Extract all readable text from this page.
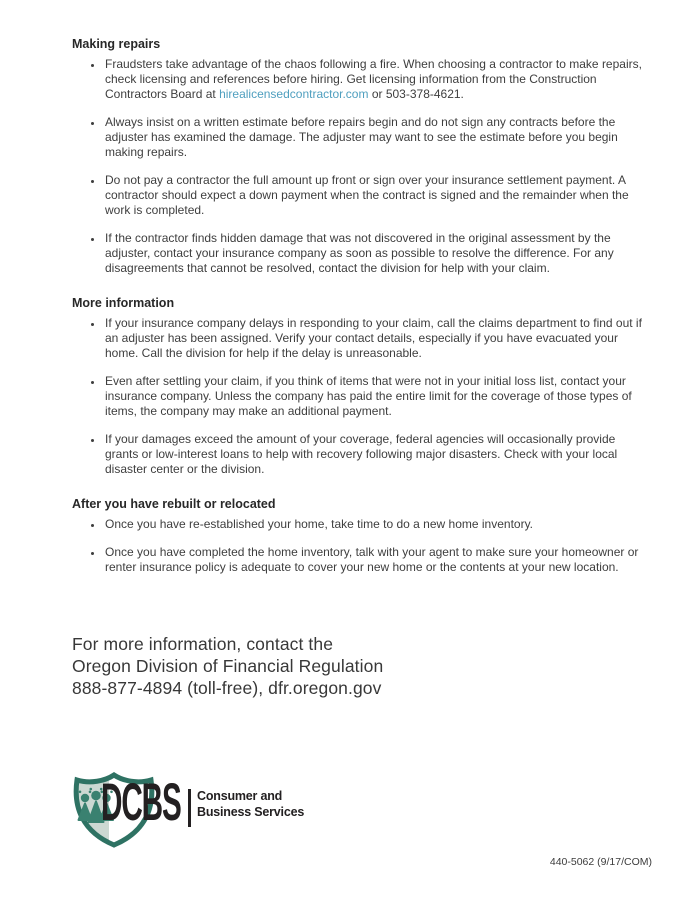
Making repairs
• Fraudsters take advantage of the chaos following a fire. When choosing a contractor to make repairs, check licensing and references before hiring. Get licensing information from the Construction Contractors Board at hirealicensedcontractor.com or 503-378-4621.
• Always insist on a written estimate before repairs begin and do not sign any contracts before the adjuster has examined the damage. The adjuster may want to see the estimate before you begin making repairs.
• Do not pay a contractor the full amount up front or sign over your insurance settlement payment. A contractor should expect a down payment when the contract is signed and the remainder when the work is completed.
• If the contractor finds hidden damage that was not discovered in the original assessment by the adjuster, contact your insurance company as soon as possible to resolve the difference. For any disagreements that cannot be resolved, contact the division for help with your claim.
More information
• If your insurance company delays in responding to your claim, call the claims department to find out if an adjuster has been assigned. Verify your contact details, especially if you have evacuated your home. Call the division for help if the delay is unreasonable.
• Even after settling your claim, if you think of items that were not in your initial loss list, contact your insurance company. Unless the company has paid the entire limit for the coverage of those types of items, the company may make an additional payment.
• If your damages exceed the amount of your coverage, federal agencies will occasionally provide grants or low-interest loans to help with recovery following major disasters. Check with your local disaster center or the division.
After you have rebuilt or relocated
• Once you have re-established your home, take time to do a new home inventory.
• Once you have completed the home inventory, talk with your agent to make sure your homeowner or renter insurance policy is adequate to cover your new home or the contents at your new location.
For more information, contact the
Oregon Division of Financial Regulation
888-877-4894 (toll-free), dfr.oregon.gov
DCBS Consumer and
Business Services
440-5062 (9/17/COM)
